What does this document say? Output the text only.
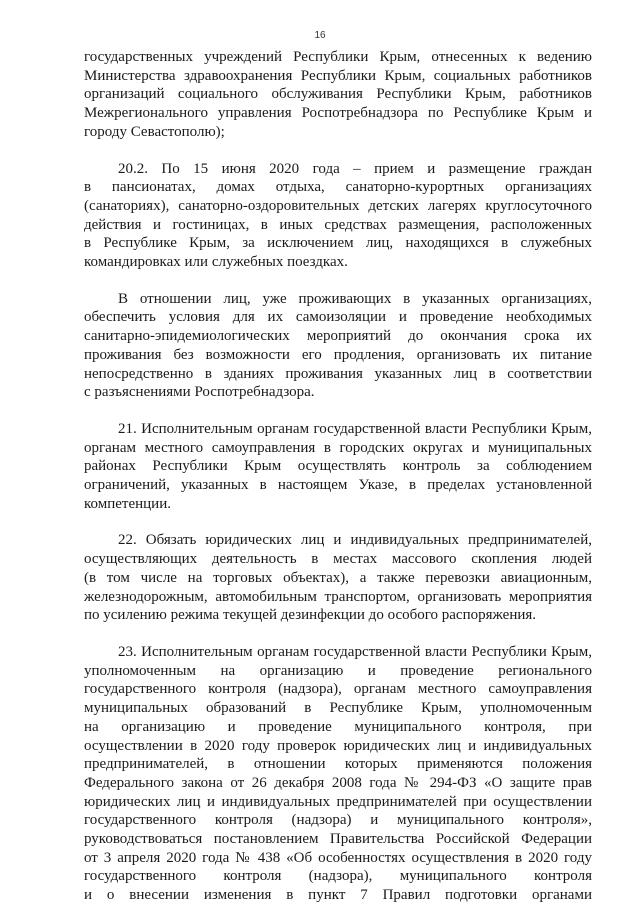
16
государственных учреждений Республики Крым, отнесенных к ведению
Министерства здравоохранения Республики Крым, социальных работников
организаций социального обслуживания Республики Крым, работников
Межрегионального управления Роспотребнадзора по Республике Крым и
городу Севастополю);
20.2. По 15 июня 2020 года – прием и размещение граждан
в пансионатах, домах отдыха, санаторно-курортных организациях
(санаториях), санаторно-оздоровительных детских лагерях круглосуточного
действия и гостиницах, в иных средствах размещения, расположенных
в Республике Крым, за исключением лиц, находящихся в служебных
командировках или служебных поездках.
В отношении лиц, уже проживающих в указанных организациях,
обеспечить условия для их самоизоляции и проведение необходимых
санитарно-эпидемиологических мероприятий до окончания срока их
проживания без возможности его продления, организовать их питание
непосредственно в зданиях проживания указанных лиц в соответствии
с разъяснениями Роспотребнадзора.
21. Исполнительным органам государственной власти Республики Крым,
органам местного самоуправления в городских округах и муниципальных
районах Республики Крым осуществлять контроль за соблюдением
ограничений, указанных в настоящем Указе, в пределах установленной
компетенции.
22. Обязать юридических лиц и индивидуальных предпринимателей,
осуществляющих деятельность в местах массового скопления людей
(в том числе на торговых объектах), а также перевозки авиационным,
железнодорожным, автомобильным транспортом, организовать мероприятия
по усилению режима текущей дезинфекции до особого распоряжения.
23. Исполнительным органам государственной власти Республики Крым,
уполномоченным на организацию и проведение регионального
государственного контроля (надзора), органам местного самоуправления
муниципальных образований в Республике Крым, уполномоченным
на организацию и проведение муниципального контроля, при
осуществлении в 2020 году проверок юридических лиц и индивидуальных
предпринимателей, в отношении которых применяются положения
Федерального закона от 26 декабря 2008 года № 294-ФЗ «О защите прав
юридических лиц и индивидуальных предпринимателей при осуществлении
государственного контроля (надзора) и муниципального контроля»,
руководствоваться постановлением Правительства Российской Федерации
от 3 апреля 2020 года № 438 «Об особенностях осуществления в 2020 году
государственного контроля (надзора), муниципального контроля
и о внесении изменения в пункт 7 Правил подготовки органами
